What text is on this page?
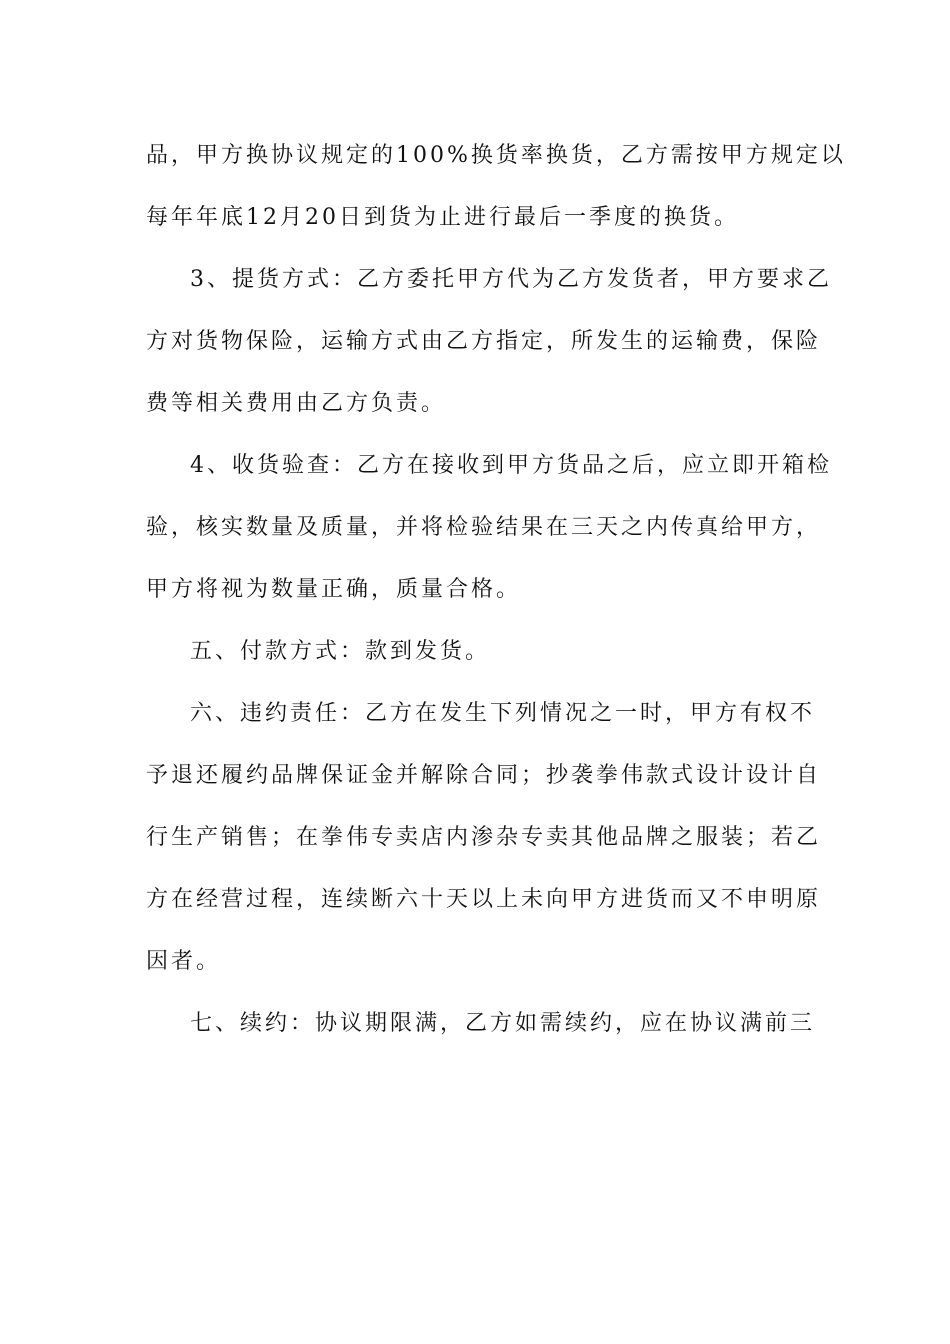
品，甲方换协议规定的100%换货率换货，乙方需按甲方规定以
每年年底12月20日到货为止进行最后一季度的换货。
3、提货方式：乙方委托甲方代为乙方发货者，甲方要求乙
方对货物保险，运输方式由乙方指定，所发生的运输费，保险
费等相关费用由乙方负责。
4、收货验查：乙方在接收到甲方货品之后，应立即开箱检
验，核实数量及质量，并将检验结果在三天之内传真给甲方，
甲方将视为数量正确，质量合格。
五、付款方式：款到发货。
六、违约责任：乙方在发生下列情况之一时，甲方有权不
予退还履约品牌保证金并解除合同；抄袭拳伟款式设计设计自
行生产销售；在拳伟专卖店内渗杂专卖其他品牌之服装；若乙
方在经营过程，连续断六十天以上未向甲方进货而又不申明原
因者。
七、续约：协议期限满，乙方如需续约，应在协议满前三
